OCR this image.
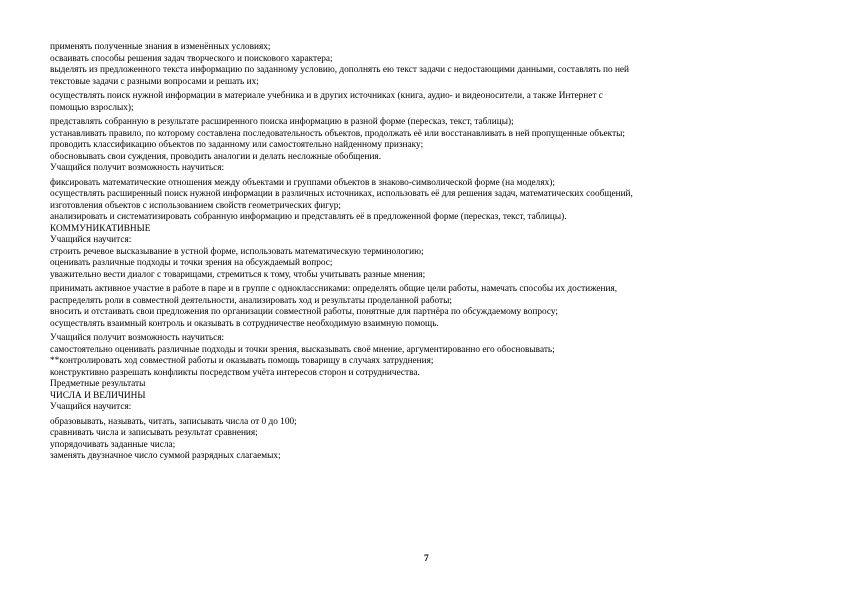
применять полученные знания в изменённых условиях;
осваивать способы решения задач творческого и поискового характера;
выделять из предложенного текста информацию по заданному условию, дополнять ею текст задачи с недостающими данными, составлять по ней
текстовые задачи с разными вопросами и решать их;
осуществлять поиск нужной информации в материале учебника и в других источниках (книга, аудио- и видеоносители, а также Интернет с
помощью взрослых);
представлять собранную в результате расширенного поиска информацию в разной форме (пересказ, текст, таблицы);
устанавливать правило, по которому составлена последовательность объектов, продолжать её или восстанавливать в ней пропущенные объекты;
проводить классификацию объектов по заданному или самостоятельно найденному признаку;
обосновывать свои суждения, проводить аналогии и делать несложные обобщения.
Учащийся получит возможность научиться:
фиксировать математические отношения между объектами и группами объектов в знаково-символической форме (на моделях);
осуществлять расширенный поиск нужной информации в различных источниках, использовать её для решения задач, математических сообщений,
изготовления объектов с использованием свойств геометрических фигур;
анализировать и систематизировать собранную информацию и представлять её в предложенной форме (пересказ, текст, таблицы).
КОММУНИКАТИВНЫЕ
Учащийся научится:
строить речевое высказывание в устной форме, использовать математическую терминологию;
оценивать различные подходы и точки зрения на обсуждаемый вопрос;
уважительно вести диалог с товарищами, стремиться к тому, чтобы учитывать разные мнения;
принимать активное участие в работе в паре и в группе с одноклассниками: определять общие цели работы, намечать способы их достижения,
распределять роли в совместной деятельности, анализировать ход и результаты проделанной работы;
вносить и отстаивать свои предложения по организации совместной работы, понятные для партнёра по обсуждаемому вопросу;
осуществлять взаимный контроль и оказывать в сотрудничестве необходимую взаимную помощь.
Учащийся получит возможность научиться:
самостоятельно оценивать различные подходы и точки зрения, высказывать своё мнение, аргументированно его обосновывать;
**контролировать ход совместной работы и оказывать помощь товарищу в случаях затруднения;
конструктивно разрешать конфликты посредством учёта интересов сторон и сотрудничества.
Предметные результаты
ЧИСЛА И ВЕЛИЧИНЫ
Учащийся научится:
образовывать, называть, читать, записывать числа от 0 до 100;
сравнивать числа и записывать результат сравнения;
упорядочивать заданные числа;
заменять двузначное число суммой разрядных слагаемых;
7
